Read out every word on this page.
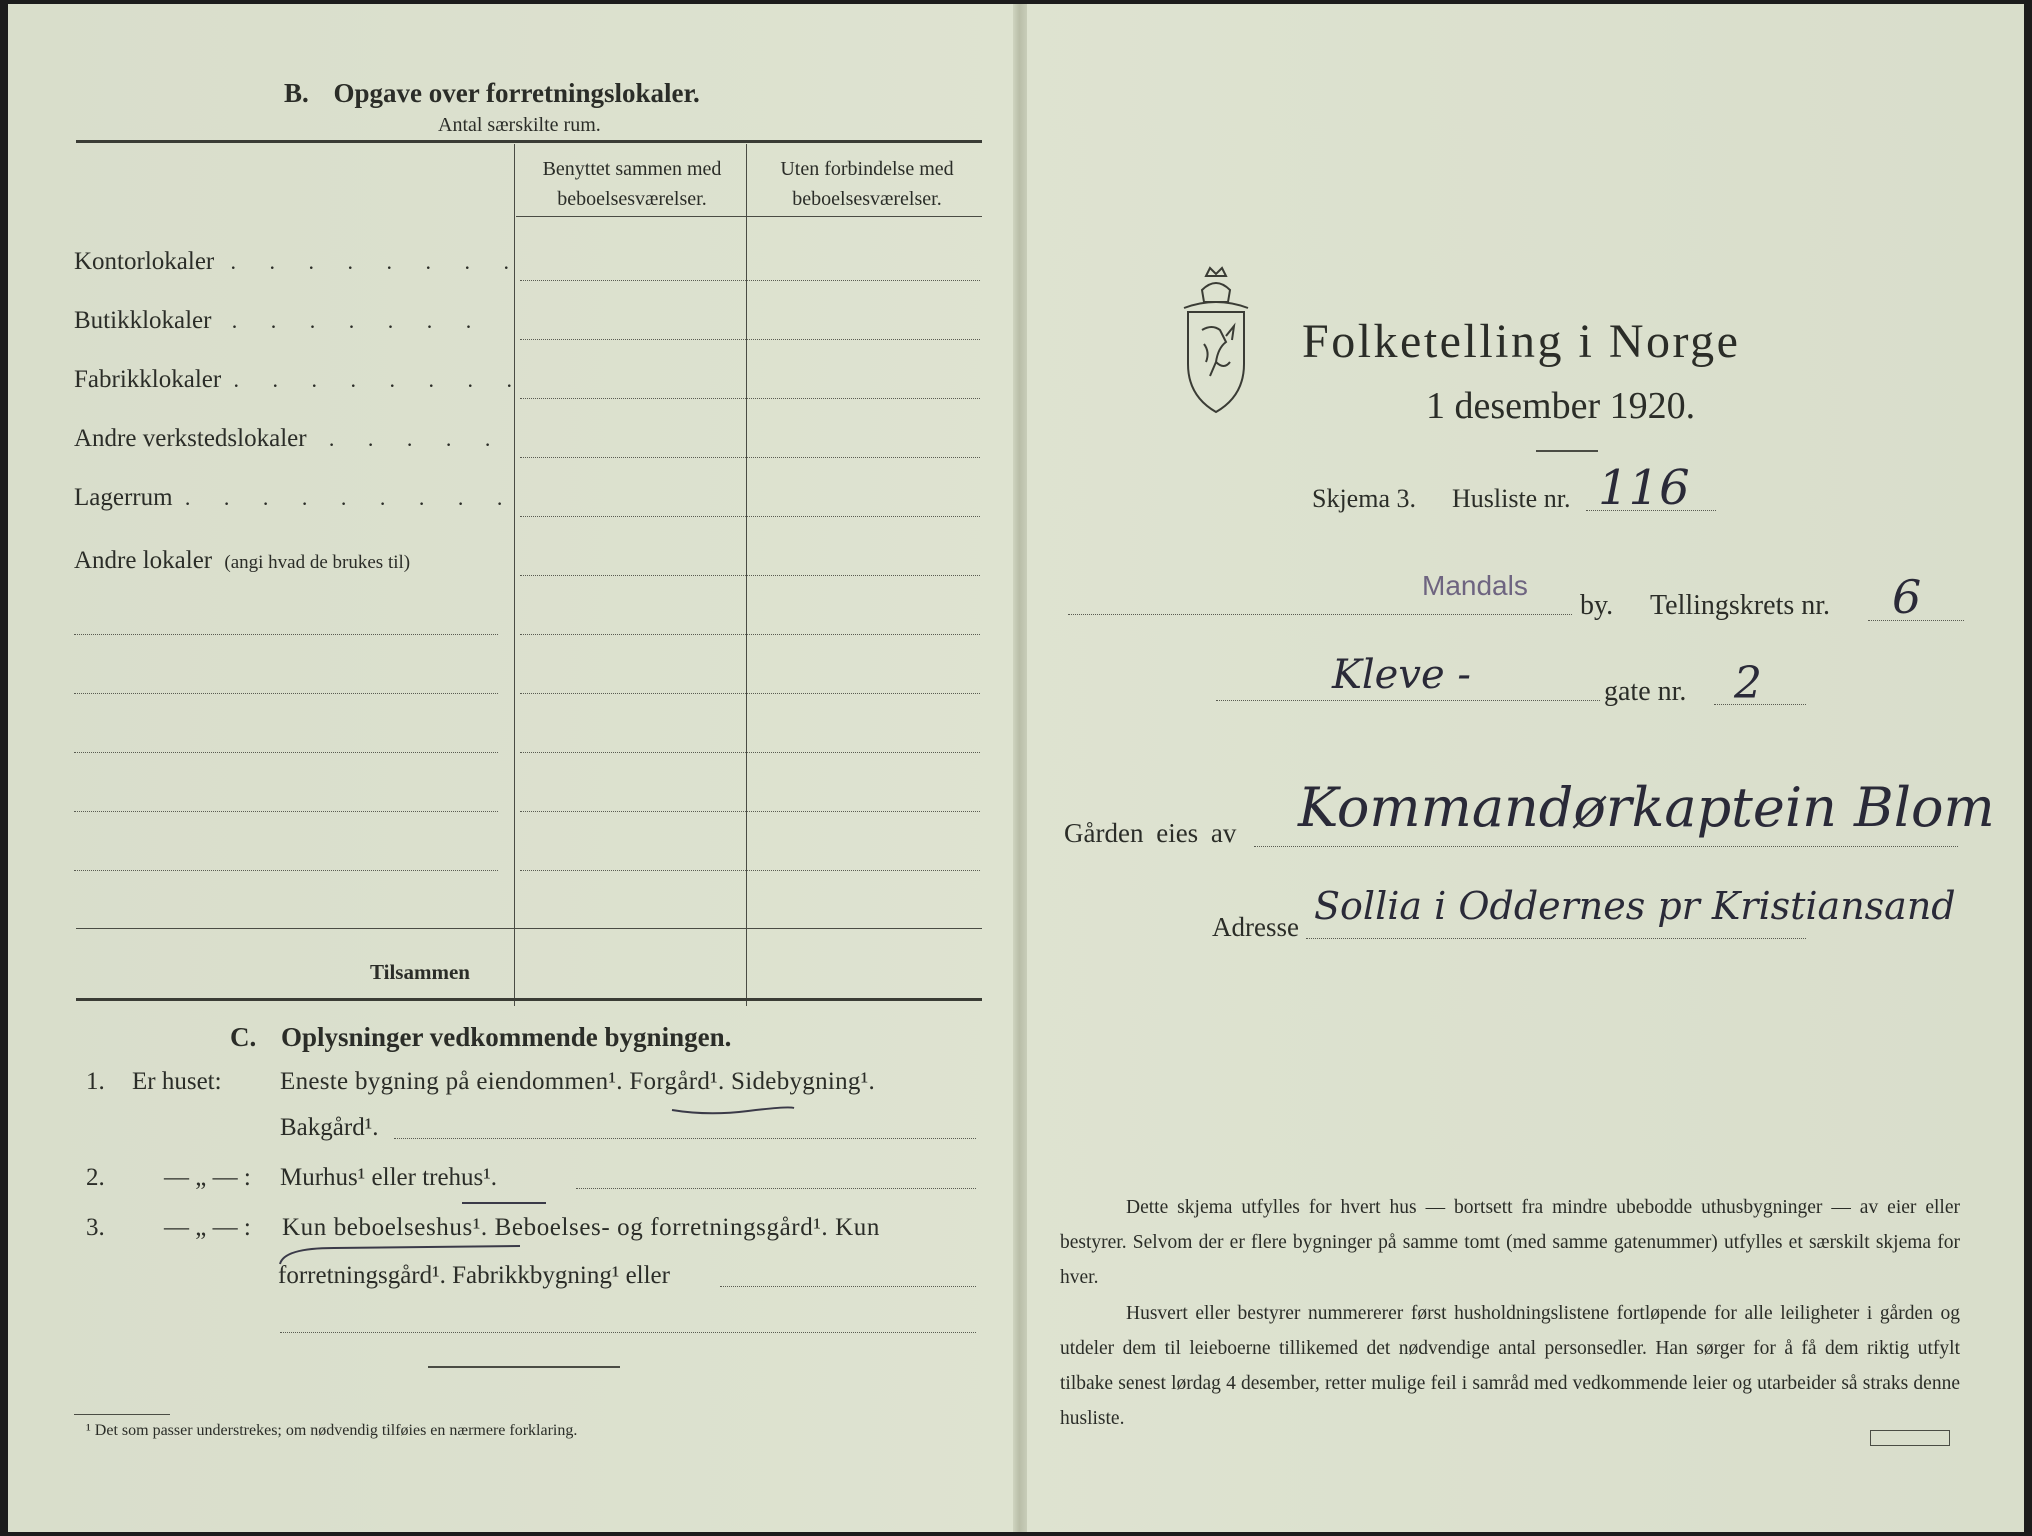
B. Opgave over forretningslokaler.
Antal særskilte rum.
Benyttet sammen med
beboelsesværelser.
Uten forbindelse med
beboelsesværelser.
Kontorlokaler . . . . . . . .
Butikklokaler . . . . . . .
Fabrikklokaler . . . . . . . .
Andre verkstedslokaler . . . . .
Lagerrum . . . . . . . . .
Andre lokaler (angi hvad de brukes til)
Tilsammen
C. Oplysninger vedkommende bygningen.
1. Er huset: Eneste bygning på eiendommen¹. Forgård¹. Sidebygning¹.
Bakgård¹.
2. — „ — : Murhus¹ eller trehus¹.
3. — „ — : Kun beboelseshus¹. Beboelses- og forretningsgård¹. Kun
forretningsgård¹. Fabrikkbygning¹ eller
¹ Det som passer understrekes; om nødvendig tilføies en nærmere forklaring.
Folketelling i Norge
1 desember 1920.
Skjema 3. Husliste nr. 116
Mandals
by. Tellingskrets nr. 6
Kleve -	gate nr. 2
Gården eies av Kommandørkaptein Blom
Adresse Sollia i Oddernes pr Kristiansand
Dette skjema utfylles for hvert hus — bortsett fra mindre ubebodde uthusbygninger — av eier eller bestyrer. Selvom der er flere bygninger på samme tomt (med samme gatenummer) utfylles et særskilt skjema for hver.
Husvert eller bestyrer nummererer først husholdningslistene fortløpende for alle leiligheter i gården og utdeler dem til leieboerne tillikemed det nødvendige antal personsedler. Han sørger for å få dem riktig utfylt tilbake senest lørdag 4 desember, retter mulige feil i samråd med vedkommende leier og utarbeider så straks denne husliste.
